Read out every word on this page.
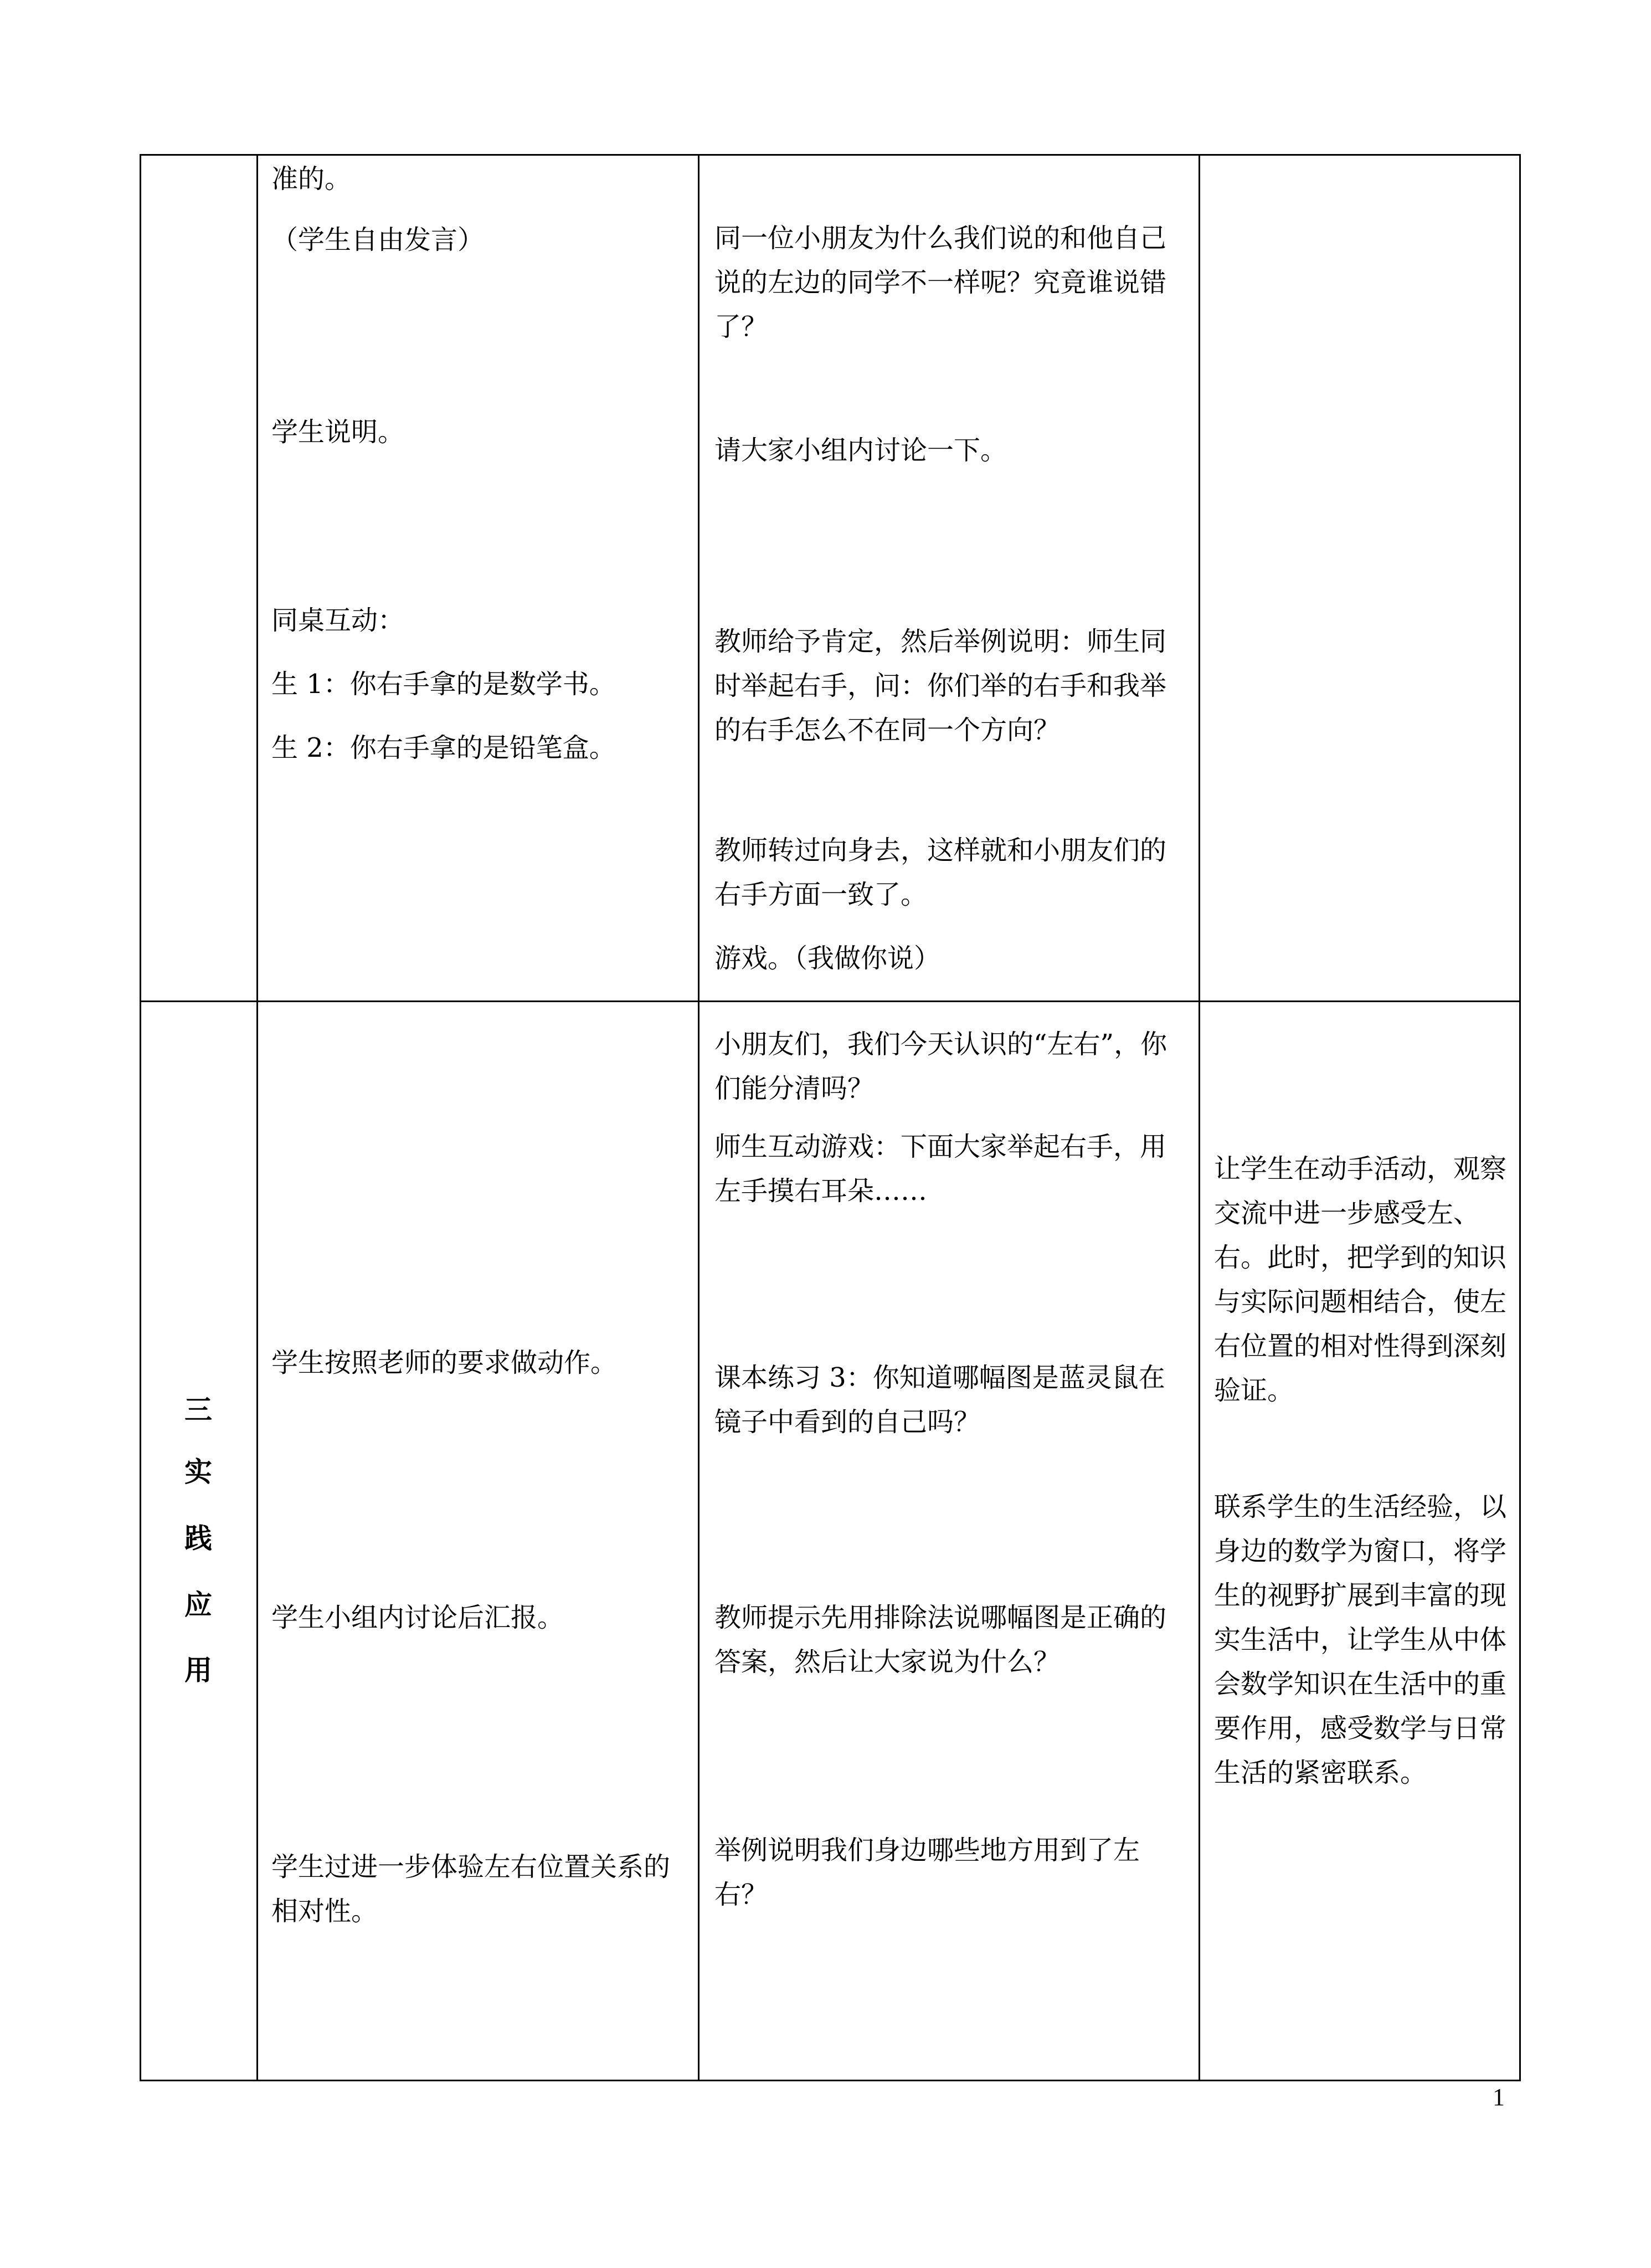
准的。
（学生自由发言）
学生说明。
同桌互动：
生 1：你右手拿的是数学书。
生 2：你右手拿的是铅笔盒。
同一位小朋友为什么我们说的和他自己说的左边的同学不一样呢？究竟谁说错了？
请大家小组内讨论一下。
教师给予肯定，然后举例说明：师生同时举起右手，问：你们举的右手和我举的右手怎么不在同一个方向？
教师转过向身去，这样就和小朋友们的右手方面一致了。
游戏。（我做你说）
三
实
践
应
用
学生按照老师的要求做动作。
学生小组内讨论后汇报。
学生过进一步体验左右位置关系的相对性。
小朋友们，我们今天认识的“左右”，你们能分清吗？
师生互动游戏：下面大家举起右手，用左手摸右耳朵……
课本练习 3：你知道哪幅图是蓝灵鼠在镜子中看到的自己吗？
教师提示先用排除法说哪幅图是正确的答案，然后让大家说为什么？
举例说明我们身边哪些地方用到了左右？
让学生在动手活动，观察交流中进一步感受左、右。此时，把学到的知识与实际问题相结合，使左右位置的相对性得到深刻验证。
联系学生的生活经验，以身边的数学为窗口，将学生的视野扩展到丰富的现实生活中，让学生从中体会数学知识在生活中的重要作用，感受数学与日常生活的紧密联系。
1
